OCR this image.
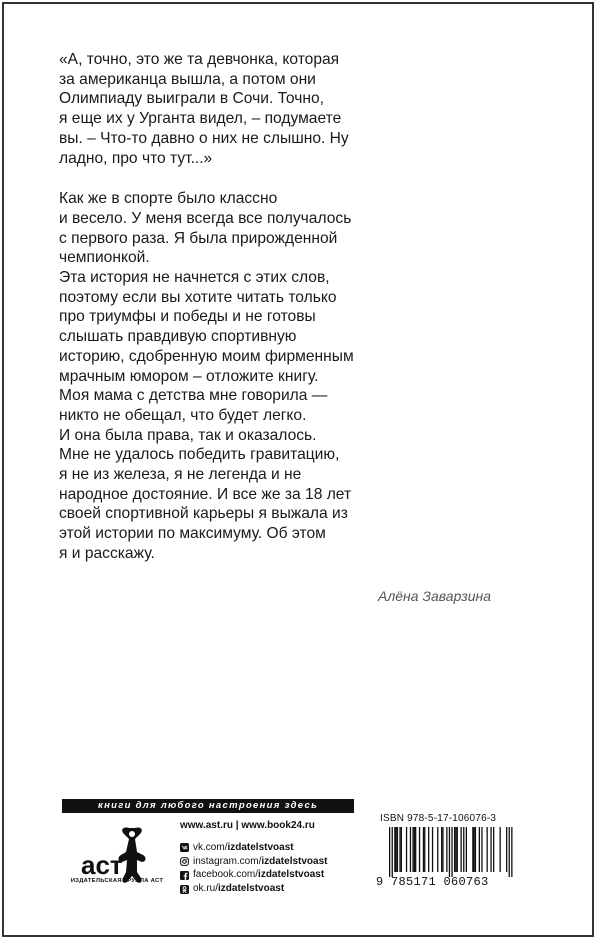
«А, точно, это же та девчонка, которая

за американца вышла, а потом они

Олимпиаду выиграли в Сочи. Точно,

я еще их у Урганта видел, – подумаете

вы. – Что-то давно о них не слышно. Ну

ладно, про что тут...»

Как же в спорте было классно

и весело. У меня всегда все получалось

с первого раза. Я была прирожденной

чемпионкой.

Эта история не начнется с этих слов,

поэтому если вы хотите читать только

про триумфы и победы и не готовы

слышать правдивую спортивную

историю, сдобренную моим фирменным

мрачным юмором – отложите книгу.

Моя мама с детства мне говорила —

никто не обещал, что будет легко.

И она была права, так и оказалось.

Мне не удалось победить гравитацию,

я не из железа, я не легенда и не

народное достояние. И все же за 18 лет

своей спортивной карьеры я выжала из

этой истории по максимуму. Об этом

я и расскажу.

Алёна Заварзина
книги для любого настроения здесь
аст
ИЗДАТЕЛЬСКАЯ ГРУППА АСТ
www.ast.ru | www.book24.ru
vk.com/ izdatelstvoast
instagram.com/ izdatelstvoast
facebook.com/ izdatelstvoast
ok.ru/ izdatelstvoast
ISBN 978-5-17-106076-3
9 785171 060763
